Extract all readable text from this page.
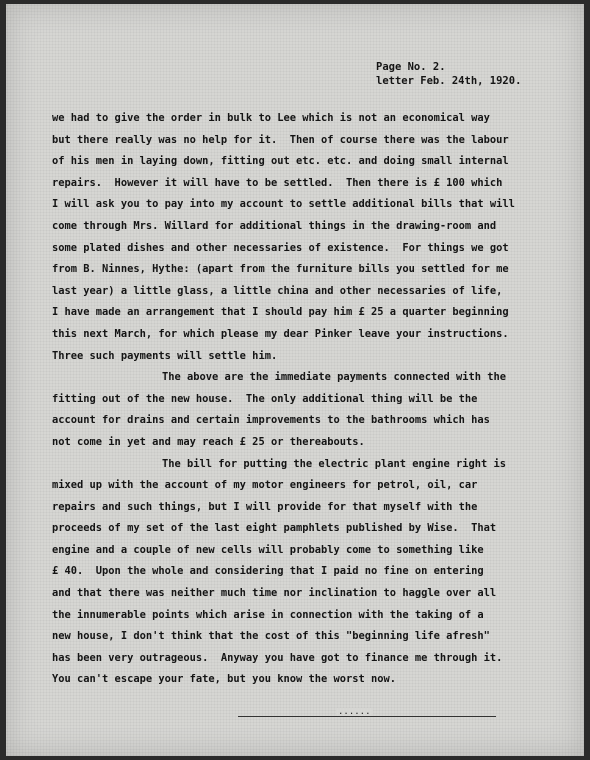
Page No. 2.
letter Feb. 24th, 1920.
we had to give the order in bulk to Lee which is not an economical way
but there really was no help for it.  Then of course there was the labour
of his men in laying down, fitting out etc. etc. and doing small internal
repairs.  However it will have to be settled.  Then there is £ 100 which
I will ask you to pay into my account to settle additional bills that will
come through Mrs. Willard for additional things in the drawing-room and
some plated dishes and other necessaries of existence.  For things we got
from B. Ninnes, Hythe: (apart from the furniture bills you settled for me
last year) a little glass, a little china and other necessaries of life,
I have made an arrangement that I should pay him £ 25 a quarter beginning
this next March, for which please my dear Pinker leave your instructions.
Three such payments will settle him.
The above are the immediate payments connected with the
fitting out of the new house.  The only additional thing will be the
account for drains and certain improvements to the bathrooms which has
not come in yet and may reach £ 25 or thereabouts.
The bill for putting the electric plant engine right is
mixed up with the account of my motor engineers for petrol, oil, car
repairs and such things, but I will provide for that myself with the
proceeds of my set of the last eight pamphlets published by Wise.  That
engine and a couple of new cells will probably come to something like
£ 40.  Upon the whole and considering that I paid no fine on entering
and that there was neither much time nor inclination to haggle over all
the innumerable points which arise in connection with the taking of a
new house, I don't think that the cost of this "beginning life afresh"
has been very outrageous.  Anyway you have got to finance me through it.
You can't escape your fate, but you know the worst now.
......
